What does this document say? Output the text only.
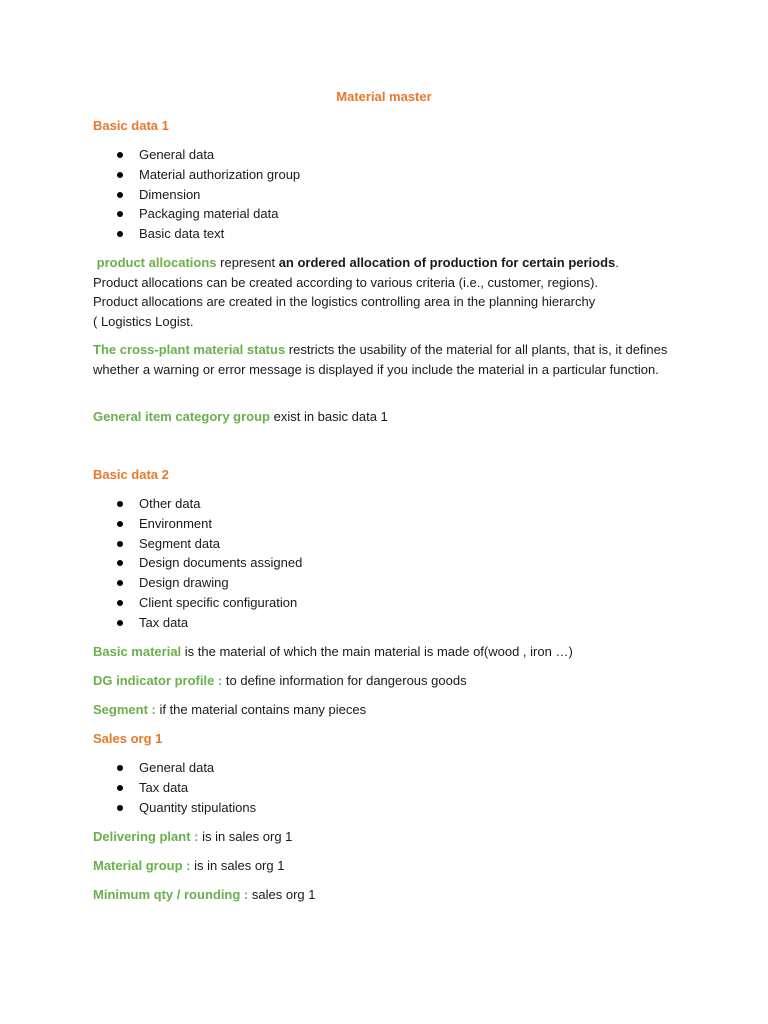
Material master
Basic data 1
General data
Material authorization group
Dimension
Packaging material data
Basic data text
product allocations represent an ordered allocation of production for certain periods.
Product allocations can be created according to various criteria (i.e., customer, regions).
Product allocations are created in the logistics controlling area in the planning hierarchy
( Logistics Logist.
The cross-plant material status restricts the usability of the material for all plants, that is, it defines whether a warning or error message is displayed if you include the material in a particular function.
General item category group exist in basic data 1
Basic data 2
Other data
Environment
Segment data
Design documents assigned
Design drawing
Client specific configuration
Tax data
Basic material is the material of which the main material is made of(wood , iron …)
DG indicator profile : to define information for dangerous goods
Segment : if the material contains many pieces
Sales org 1
General data
Tax data
Quantity stipulations
Delivering plant : is in sales org 1
Material group : is in sales org 1
Minimum qty / rounding : sales org 1
